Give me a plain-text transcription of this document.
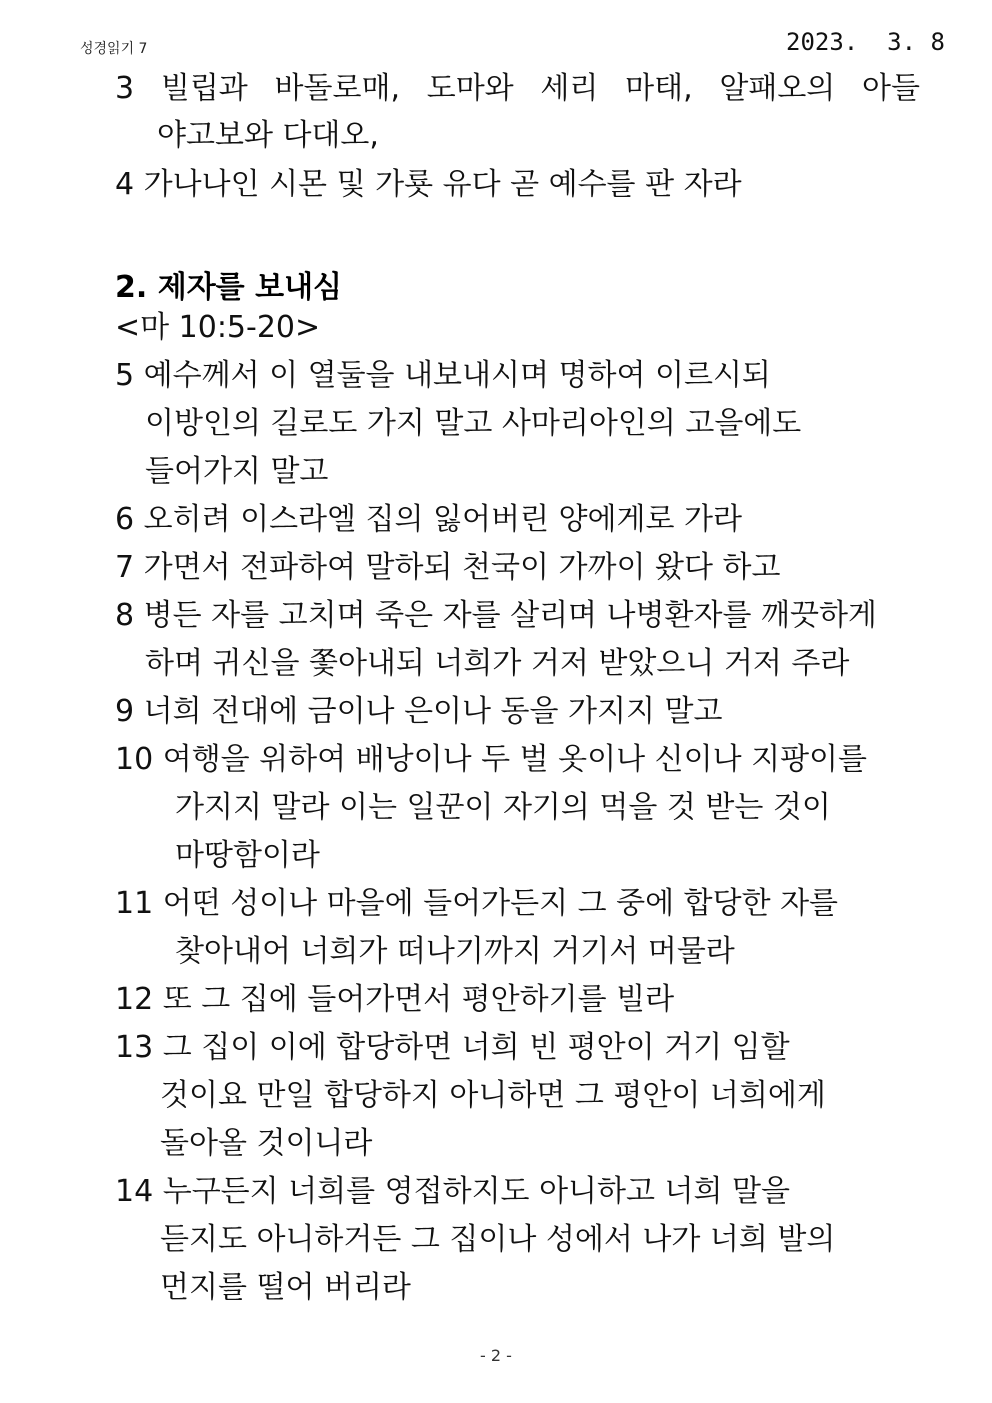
성경읽기 7	2023.  3. 8
3 빌립과 바돌로매, 도마와 세리 마태, 알패오의 아들
야고보와 다대오,
4 가나나인 시몬 및 가룟 유다 곧 예수를 판 자라
2. 제자를 보내심
<마 10:5-20>
5 예수께서 이 열둘을 내보내시며 명하여 이르시되
이방인의 길로도 가지 말고 사마리아인의 고을에도
들어가지 말고
6 오히려 이스라엘 집의 잃어버린 양에게로 가라
7 가면서 전파하여 말하되 천국이 가까이 왔다 하고
8 병든 자를 고치며 죽은 자를 살리며 나병환자를 깨끗하게
하며 귀신을 쫓아내되 너희가 거저 받았으니 거저 주라
9 너희 전대에 금이나 은이나 동을 가지지 말고
10 여행을 위하여 배낭이나 두 벌 옷이나 신이나 지팡이를
가지지 말라 이는 일꾼이 자기의 먹을 것 받는 것이
마땅함이라
11 어떤 성이나 마을에 들어가든지 그 중에 합당한 자를
찾아내어 너희가 떠나기까지 거기서 머물라
12 또 그 집에 들어가면서 평안하기를 빌라
13 그 집이 이에 합당하면 너희 빈 평안이 거기 임할
것이요 만일 합당하지 아니하면 그 평안이 너희에게
돌아올 것이니라
14 누구든지 너희를 영접하지도 아니하고 너희 말을
듣지도 아니하거든 그 집이나 성에서 나가 너희 발의
먼지를 떨어 버리라
- 2 -
